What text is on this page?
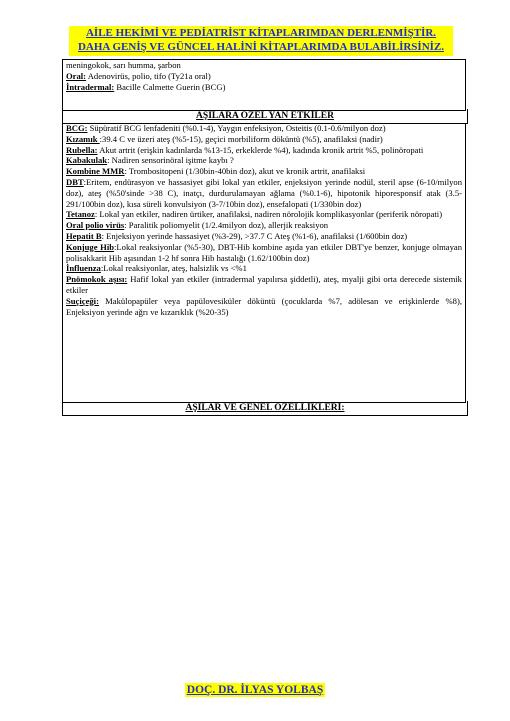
AİLE HEKİMİ VE PEDİATRİST KİTAPLARIMDAN DERLENMİŞTİR.
DAHA GENİŞ VE GÜNCEL HALİNİ KİTAPLARIMDA BULABİLİRSİNİZ.
meningokok, sarı humma, şarbon
Oral: Adenovirüs, polio, tifo (Ty21a oral)
İntradermal: Bacille Calmette Guerin (BCG)
AŞILARA ÖZEL YAN ETKİLER
BCG: Süpüratif BCG lenfadeniti (%0.1-4), Yaygın enfeksiyon, Osteitis (0.1-0.6/milyon doz)
Kızamık :39.4 C ve üzeri ateş (%5-15), geçici morbiliform döküntü (%5), anafilaksi (nadir)
Rubella: Akut artrit (erişkin kadınlarda %13-15, erkeklerde %4), kadında kronik artrit %5, polinöropati
Kabakulak: Nadiren sensorinöral işitme kaybı ?
Kombine MMR: Trombositopeni (1/30bin-40bin doz), akut ve kronik artrit, anafilaksi
DBT:Eritem, endürasyon ve hassasiyet gibi lokal yan etkiler, enjeksiyon yerinde nodül, steril apse (6-10/milyon doz), ateş (%50'sinde >38 C), inatçı, durdurulamayan ağlama (%0.1-6), hipotonik hiporesponsif atak (3.5-291/100bin doz), kısa süreli konvulsiyon (3-7/10bin doz), ensefalopati (1/330bin doz)
Tetanoz: Lokal yan etkiler, nadiren ürtiker, anafilaksi, nadiren nörolojik komplikasyonlar (periferik nöropati)
Oral polio virüs: Paralitik poliomyelit (1/2.4milyon doz), allerjik reaksiyon
Hepatit B: Enjeksiyon yerinde hassasiyet (%3-29), >37.7 C Ateş (%1-6), anafilaksi (1/600bin doz)
Konjuge Hib:Lokal reaksiyonlar (%5-30), DBT-Hib kombine aşıda yan etkiler DBT'ye benzer, konjuge olmayan polisakkarit Hib aşısından 1-2 hf sonra Hib hastalığı (1.62/100bin doz)
İnfluenza:Lokal reaksiyonlar, ateş, halsizlik vs <%1
Pnömokok aşısı: Hafif lokal yan etkiler (intradermal yapılırsa şiddetli), ateş, myalji gibi orta derecede sistemik etkiler
Suçiçeği: Makülopapüler veya papülovesiküler döküntü (çocuklarda %7, adölesan ve erişkinlerde %8), Enjeksiyon yerinde ağrı ve kızarıklık (%20-35)
AŞILAR VE GENEL ÖZELLİKLERİ:
DOÇ. DR. İLYAS YOLBAŞ
